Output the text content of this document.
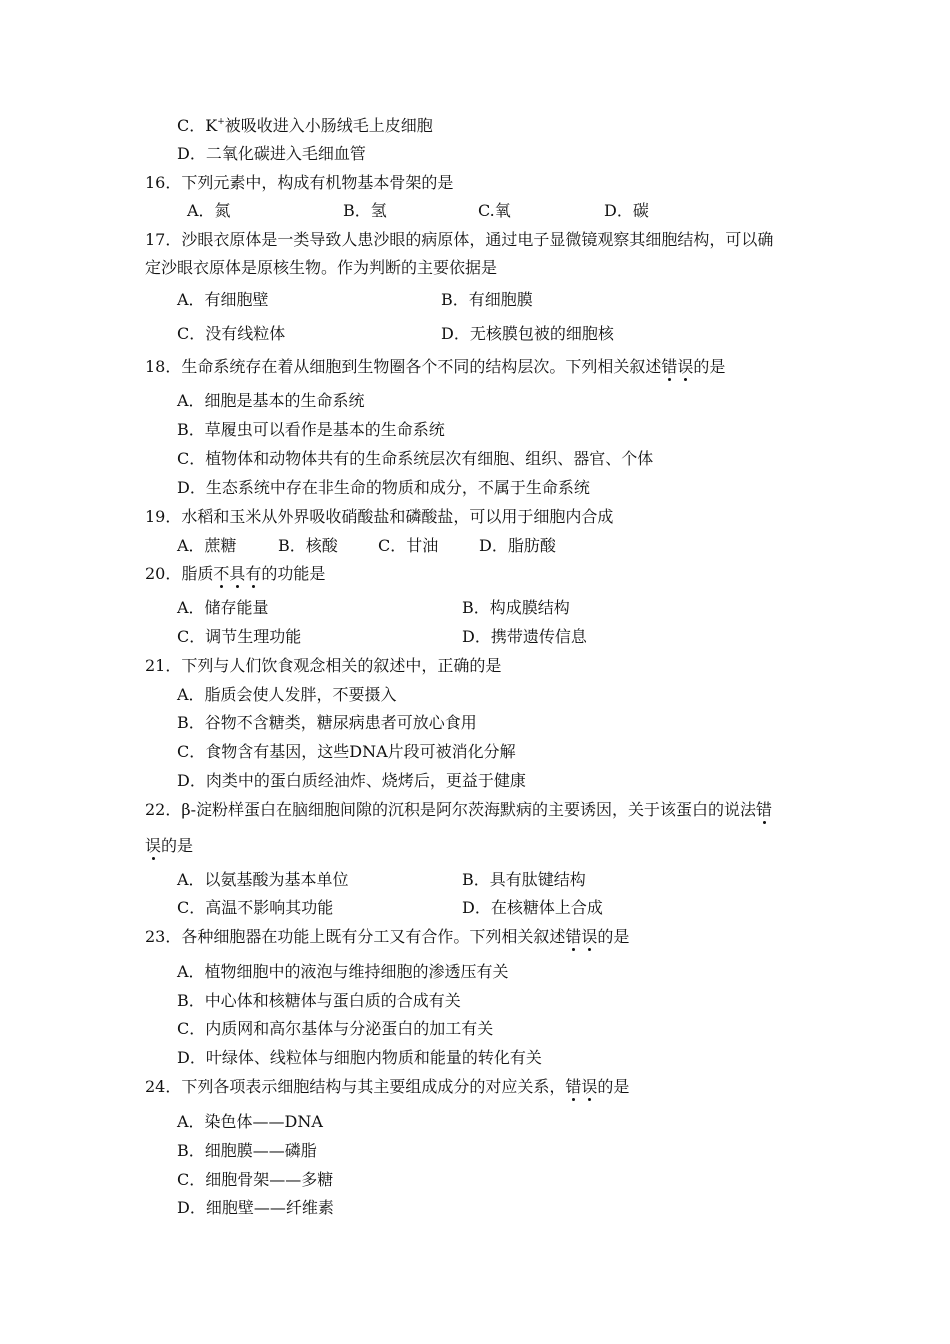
C．K+被吸收进入小肠绒毛上皮细胞
D．二氧化碳进入毛细血管
16．下列元素中，构成有机物基本骨架的是
A．氮	B．氢	C.氧	D．碳
17．沙眼衣原体是一类导致人患沙眼的病原体，通过电子显微镜观察其细胞结构，可以确
定沙眼衣原体是原核生物。作为判断的主要依据是
A．有细胞壁	B．有细胞膜
C．没有线粒体	D．无核膜包被的细胞核
18．生命系统存在着从细胞到生物圈各个不同的结构层次。下列相关叙述错误的是
A．细胞是基本的生命系统
B．草履虫可以看作是基本的生命系统
C．植物体和动物体共有的生命系统层次有细胞、组织、器官、个体
D．生态系统中存在非生命的物质和成分，不属于生命系统
19．水稻和玉米从外界吸收硝酸盐和磷酸盐，可以用于细胞内合成
A．蔗糖	B．核酸	C．甘油	D．脂肪酸
20．脂质不具有的功能是
A．储存能量	B．构成膜结构
C．调节生理功能	D．携带遗传信息
21．下列与人们饮食观念相关的叙述中，正确的是
A．脂质会使人发胖，不要摄入
B．谷物不含糖类，糖尿病患者可放心食用
C．食物含有基因，这些DNA片段可被消化分解
D．肉类中的蛋白质经油炸、烧烤后，更益于健康
22．β-淀粉样蛋白在脑细胞间隙的沉积是阿尔茨海默病的主要诱因，关于该蛋白的说法错
误的是
A．以氨基酸为基本单位	B．具有肽键结构
C．高温不影响其功能	D．在核糖体上合成
23．各种细胞器在功能上既有分工又有合作。下列相关叙述错误的是
A．植物细胞中的液泡与维持细胞的渗透压有关
B．中心体和核糖体与蛋白质的合成有关
C．内质网和高尔基体与分泌蛋白的加工有关
D．叶绿体、线粒体与细胞内物质和能量的转化有关
24．下列各项表示细胞结构与其主要组成成分的对应关系，错误的是
A．染色体——DNA
B．细胞膜——磷脂
C．细胞骨架——多糖
D．细胞壁——纤维素
